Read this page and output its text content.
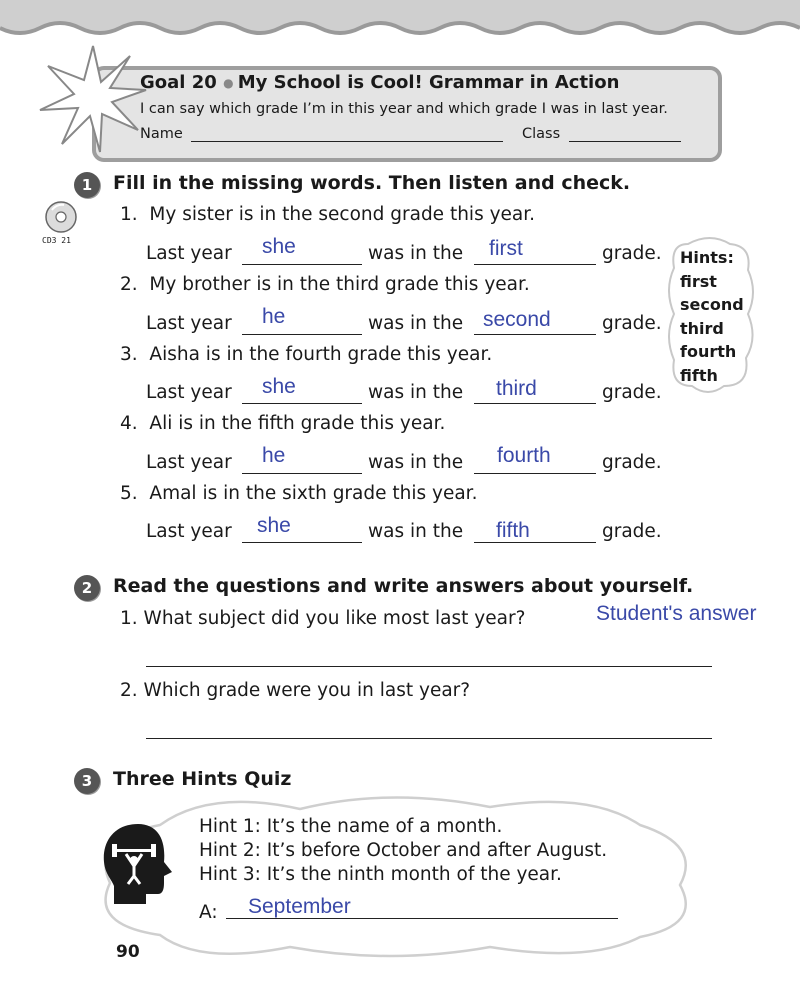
Goal 20 ● My School is Cool! Grammar in Action
I can say which grade I’m in this year and which grade I was in last year.
Name	Class
1	Fill in the missing words. Then listen and check.
CD3 21
1. My sister is in the second grade this year.
Last year she	was in the first	grade.
2. My brother is in the third grade this year.
Last year he	was in the second	grade.
3. Aisha is in the fourth grade this year.
Last year she	was in the third	grade.
4. Ali is in the fifth grade this year.
Last year he	was in the fourth	grade.
5. Amal is in the sixth grade this year.
Last year she	was in the fifth	grade.
Hints:
first
second
third
fourth
fifth
2	Read the questions and write answers about yourself.
1. What subject did you like most last year?	Student's answer
2. Which grade were you in last year?
3	Three Hints Quiz
Hint 1: It’s the name of a month.
Hint 2: It’s before October and after August.
Hint 3: It’s the ninth month of the year.
A: September
90
